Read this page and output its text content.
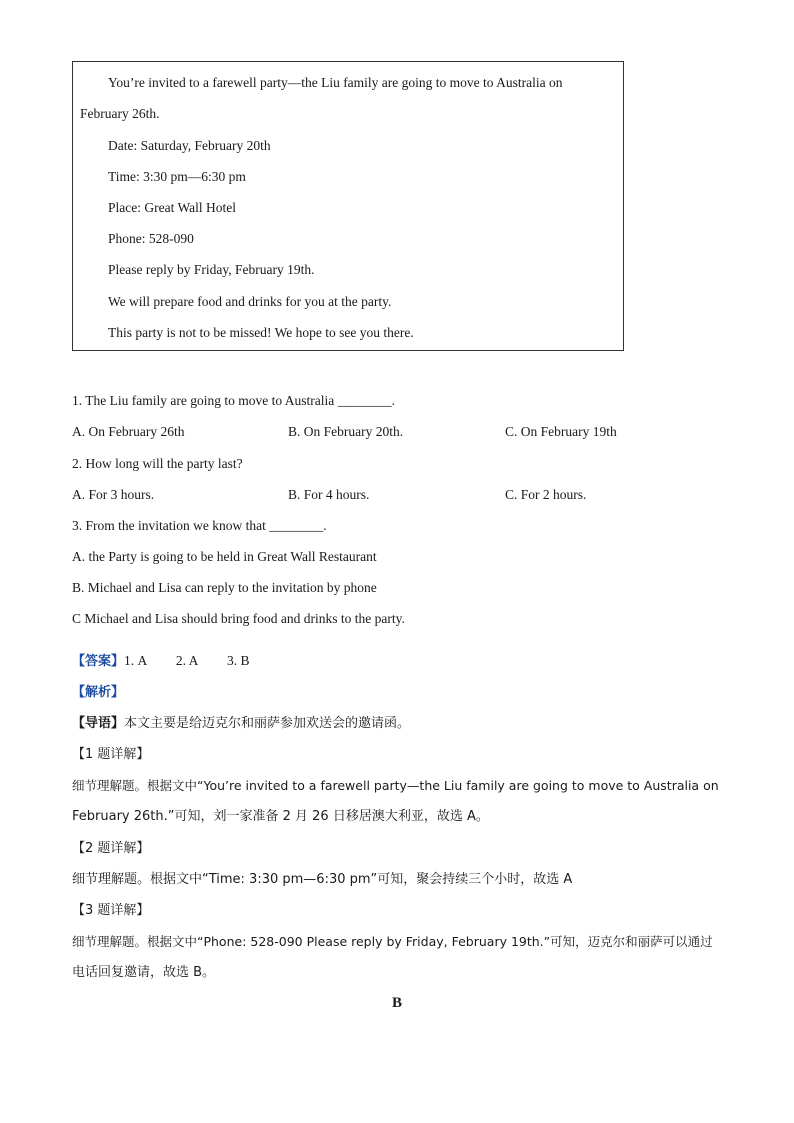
You’re invited to a farewell party—the Liu family are going to move to Australia on
February 26th.
Date: Saturday, February 20th
Time: 3:30 pm—6:30 pm
Place: Great Wall Hotel
Phone: 528-090
Please reply by Friday, February 19th.
We will prepare food and drinks for you at the party.
This party is not to be missed! We hope to see you there.
1. The Liu family are going to move to Australia ________.
A. On February 26th	B. On February 20th.	C. On February 19th
2. How long will the party last?
A. For 3 hours.	B. For 4 hours.	C. For 2 hours.
3. From the invitation we know that ________.
A. the Party is going to be held in Great Wall Restaurant
B. Michael and Lisa can reply to the invitation by phone
C Michael and Lisa should bring food and drinks to the party.
【答案】1. A 2. A 3. B
【解析】
【导语】本文主要是给迈克尔和丽萨参加欢送会的邀请函。
【1 题详解】
细节理解题。根据文中“You’re invited to a farewell party—the Liu family are going to move to Australia on
February 26th.”可知，刘一家准备 2 月 26 日移居澳大利亚，故选 A。
【2 题详解】
细节理解题。根据文中“Time: 3:30 pm—6:30 pm”可知，聚会持续三个小时，故选 A
【3 题详解】
细节理解题。根据文中“Phone: 528-090 Please reply by Friday, February 19th.”可知，迈克尔和丽萨可以通过
电话回复邀请，故选 B。
B
